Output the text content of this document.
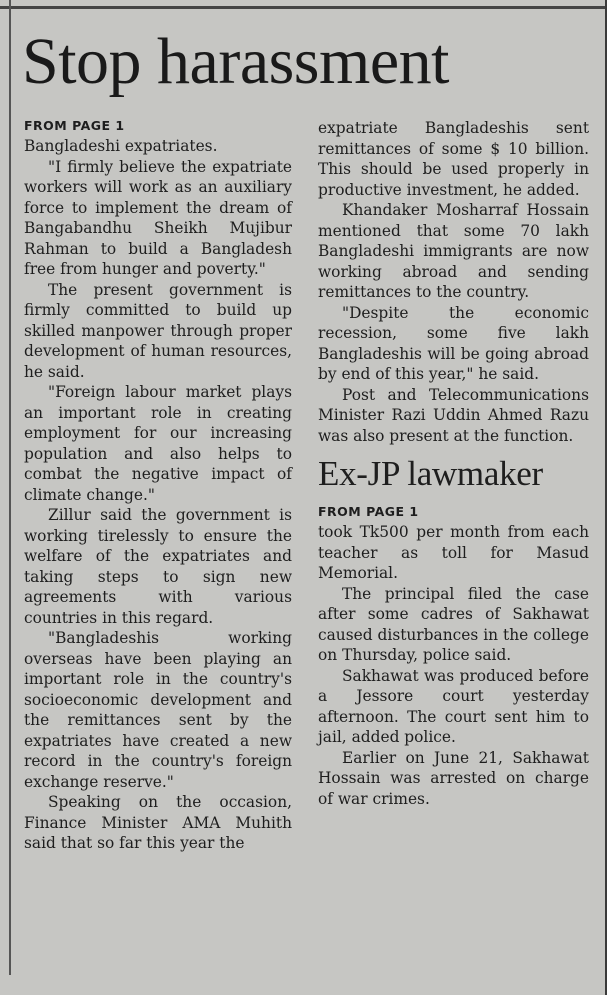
Stop harassment
FROM PAGE 1

Bangladeshi expatriates.

"I firmly believe the expatriate workers will work as an auxiliary force to implement the dream of Bangabandhu Sheikh Mujibur Rahman to build a Bangladesh free from hunger and poverty."

The present government is firmly committed to build up skilled manpower through proper development of human resources, he said.

"Foreign labour market plays an important role in creating employment for our increasing population and also helps to combat the negative impact of climate change."

Zillur said the government is working tirelessly to ensure the welfare of the expatriates and taking steps to sign new agreements with various countries in this regard.

"Bangladeshis working overseas have been playing an important role in the country's socioeconomic development and the remittances sent by the expatriates have created a new record in the country's foreign exchange reserve."

Speaking on the occasion, Finance Minister AMA Muhith said that so far this year the

expatriate Bangladeshis sent remittances of some $ 10 billion. This should be used properly in productive investment, he added.

Khandaker Mosharraf Hossain mentioned that some 70 lakh Bangladeshi immigrants are now working abroad and sending remittances to the country.

"Despite the economic recession, some five lakh Bangladeshis will be going abroad by end of this year," he said.

Post and Telecommunications Minister Razi Uddin Ahmed Razu was also present at the function.

Ex-JP lawmaker
FROM PAGE 1

took Tk500 per month from each teacher as toll for Masud Memorial.

The principal filed the case after some cadres of Sakhawat caused disturbances in the college on Thursday, police said.

Sakhawat was produced before a Jessore court yesterday afternoon. The court sent him to jail, added police.

Earlier on June 21, Sakhawat Hossain was arrested on charge of war crimes.
